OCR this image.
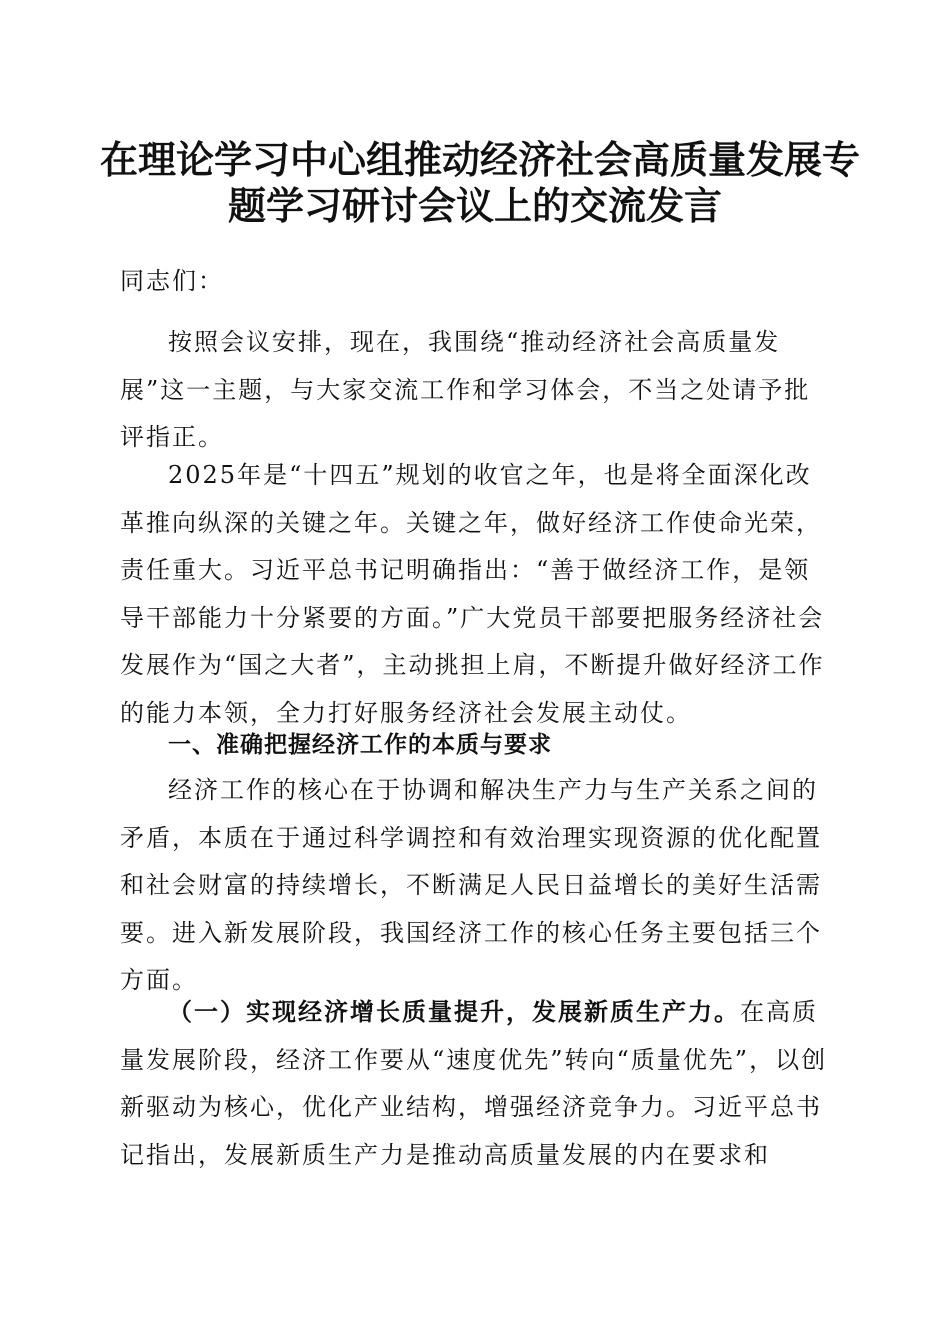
在理论学习中心组推动经济社会高质量发展专
题学习研讨会议上的交流发言

同志们：

按照会议安排，现在，我围绕“推动经济社会高质量发展”这一主题，与大家交流工作和学习体会，不当之处请予批评指正。

2025年是“十四五”规划的收官之年，也是将全面深化改革推向纵深的关键之年。关键之年，做好经济工作使命光荣，责任重大。习近平总书记明确指出：“善于做经济工作，是领导干部能力十分紧要的方面。”广大党员干部要把服务经济社会发展作为“国之大者”，主动挑担上肩，不断提升做好经济工作的能力本领，全力打好服务经济社会发展主动仗。

一、准确把握经济工作的本质与要求

经济工作的核心在于协调和解决生产力与生产关系之间的矛盾，本质在于通过科学调控和有效治理实现资源的优化配置和社会财富的持续增长，不断满足人民日益增长的美好生活需要。进入新发展阶段，我国经济工作的核心任务主要包括三个方面。

（一）实现经济增长质量提升，发展新质生产力。在高质量发展阶段，经济工作要从“速度优先”转向“质量优先”，以创新驱动为核心，优化产业结构，增强经济竞争力。习近平总书记指出，发展新质生产力是推动高质量发展的内在要求和
